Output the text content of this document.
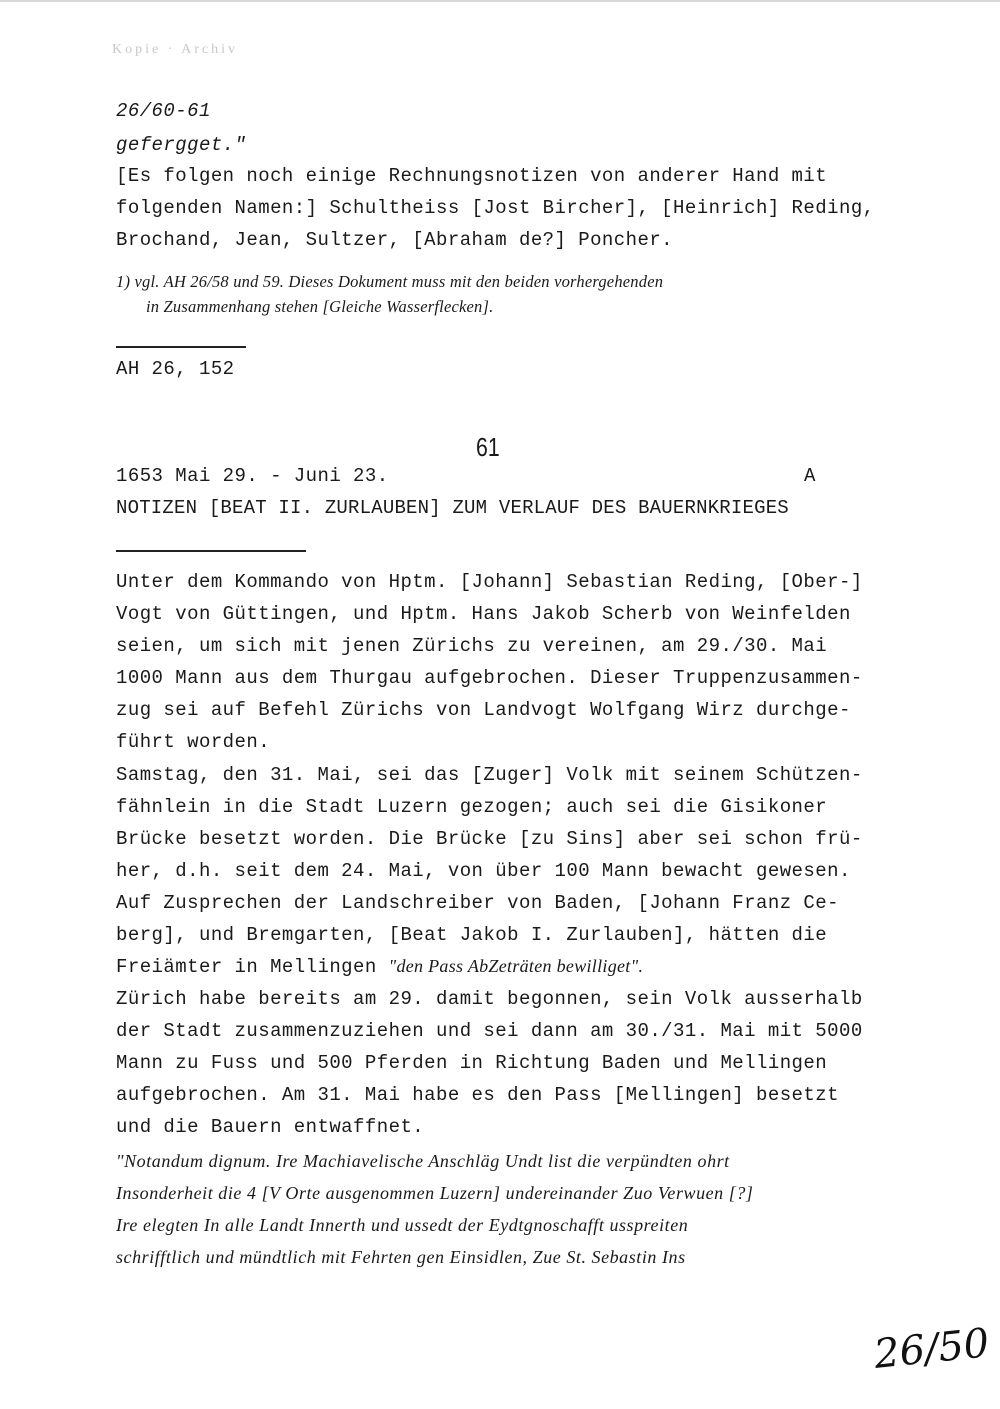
Kopie · Archiv
26/60-61
gefergget."
[Es folgen noch einige Rechnungsnotizen von anderer Hand mit
folgenden Namen:] Schultheiss [Jost Bircher], [Heinrich] Reding,
Brochand, Jean, Sultzer, [Abraham de?] Poncher.
1) vgl. AH 26/58 und 59. Dieses Dokument muss mit den beiden vorhergehenden
in Zusammenhang stehen [Gleiche Wasserflecken].
AH 26, 152
61
1653 Mai 29. - Juni 23.	A
NOTIZEN [BEAT II. ZURLAUBEN] ZUM VERLAUF DES BAUERNKRIEGES
Unter dem Kommando von Hptm. [Johann] Sebastian Reding, [Ober-]
Vogt von Güttingen, und Hptm. Hans Jakob Scherb von Weinfelden
seien, um sich mit jenen Zürichs zu vereinen, am 29./30. Mai
1000 Mann aus dem Thurgau aufgebrochen. Dieser Truppenzusammen-
zug sei auf Befehl Zürichs von Landvogt Wolfgang Wirz durchge-
führt worden.
Samstag, den 31. Mai, sei das [Zuger] Volk mit seinem Schützen-
fähnlein in die Stadt Luzern gezogen; auch sei die Gisikoner
Brücke besetzt worden. Die Brücke [zu Sins] aber sei schon frü-
her, d.h. seit dem 24. Mai, von über 100 Mann bewacht gewesen.
Auf Zusprechen der Landschreiber von Baden, [Johann Franz Ce-
berg], und Bremgarten, [Beat Jakob I. Zurlauben], hätten die
Freiämter in Mellingen "den Pass AbZeträten bewilliget".
Zürich habe bereits am 29. damit begonnen, sein Volk ausserhalb
der Stadt zusammenzuziehen und sei dann am 30./31. Mai mit 5000
Mann zu Fuss und 500 Pferden in Richtung Baden und Mellingen
aufgebrochen. Am 31. Mai habe es den Pass [Mellingen] besetzt
und die Bauern entwaffnet.
"Notandum dignum. Ire Machiavelische Anschläg Undt list die verpündten ohrt
Insonderheit die 4 [V Orte ausgenommen Luzern] undereinander Zuo Verwuen [?]
Ire elegten In alle Landt Innerth und ussedt der Eydtgnoschafft usspreiten
schrifftlich und mündtlich mit Fehrten gen Einsidlen, Zue St. Sebastin Ins
26/50
